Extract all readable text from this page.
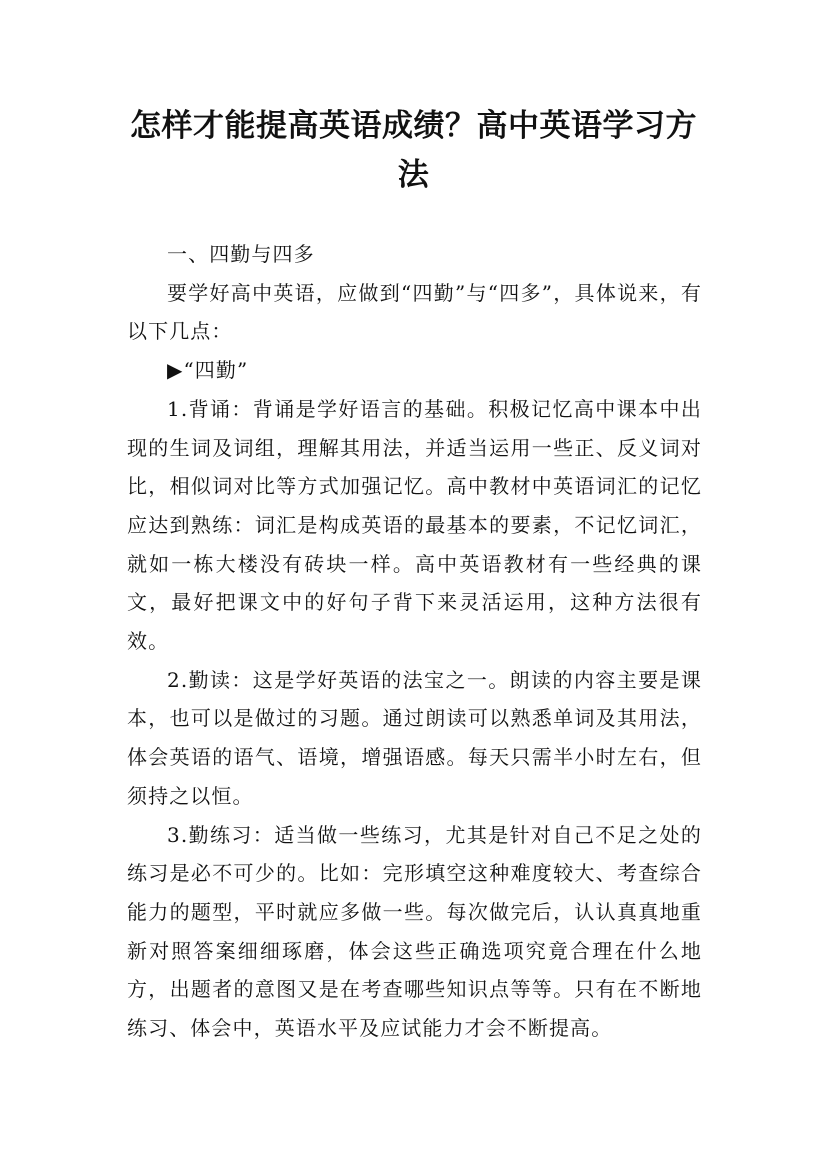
怎样才能提高英语成绩？高中英语学习方法

一、四勤与四多

要学好高中英语，应做到“四勤”与“四多”，具体说来，有以下几点：

▶“四勤”

1.背诵：背诵是学好语言的基础。积极记忆高中课本中出现的生词及词组，理解其用法，并适当运用一些正、反义词对比，相似词对比等方式加强记忆。高中教材中英语词汇的记忆应达到熟练：词汇是构成英语的最基本的要素，不记忆词汇，就如一栋大楼没有砖块一样。高中英语教材有一些经典的课文，最好把课文中的好句子背下来灵活运用，这种方法很有效。

2.勤读：这是学好英语的法宝之一。朗读的内容主要是课本，也可以是做过的习题。通过朗读可以熟悉单词及其用法，体会英语的语气、语境，增强语感。每天只需半小时左右，但须持之以恒。

3.勤练习：适当做一些练习，尤其是针对自己不足之处的练习是必不可少的。比如：完形填空这种难度较大、考查综合能力的题型，平时就应多做一些。每次做完后，认认真真地重新对照答案细细琢磨，体会这些正确选项究竟合理在什么地方，出题者的意图又是在考查哪些知识点等等。只有在不断地练习、体会中，英语水平及应试能力才会不断提高。
